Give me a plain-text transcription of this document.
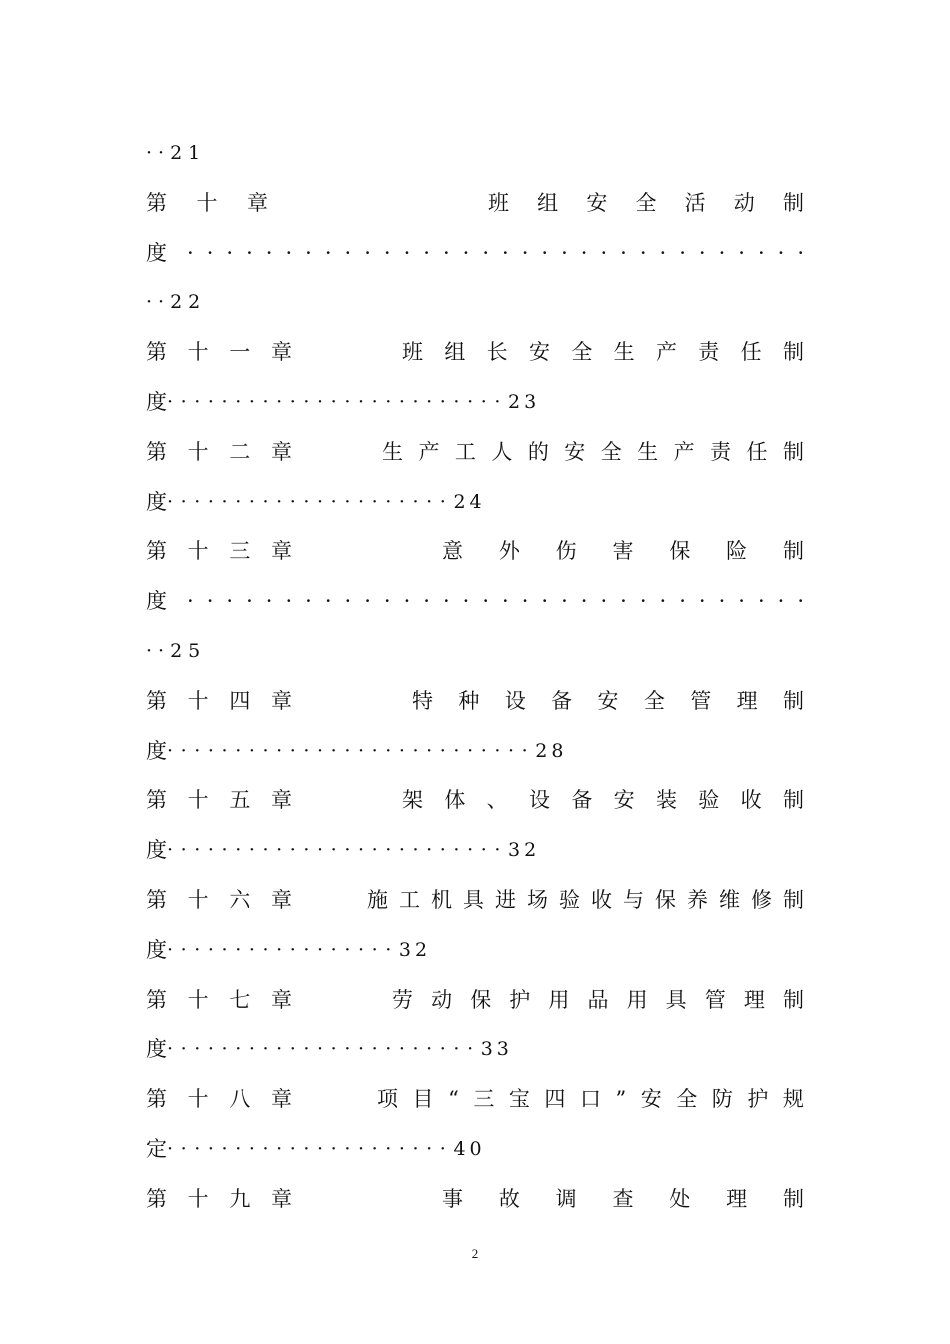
··21
第 十 章	班 组 安 全 活 动 制
度 · · · · · · · · · · · · · · · · · · · · · · · · · · · · · · · ·
··22
第 十 一 章	班 组 长 安 全 生 产 责 任 制
度 ························· 23
第 十 二 章	生 产 工 人 的 安 全 生 产 责 任 制
度 ····················· 24
第 十 三 章	意 外 伤 害 保 险 制
度 · · · · · · · · · · · · · · · · · · · · · · · · · · · · · · · ·
··25
第 十 四 章	特 种 设 备 安 全 管 理 制
度 ··························· 28
第 十 五 章	架 体 、 设 备 安 装 验 收 制
度 ························· 32
第 十 六 章	施 工 机 具 进 场 验 收 与 保 养 维 修 制
度 ················· 32
第 十 七 章	劳 动 保 护 用 品 用 具 管 理 制
度 ······················· 33
第 十 八 章	项 目 “ 三 宝 四 口 ” 安 全 防 护 规
定 ····················· 40
第 十 九 章	事 故 调 查 处 理 制
2
